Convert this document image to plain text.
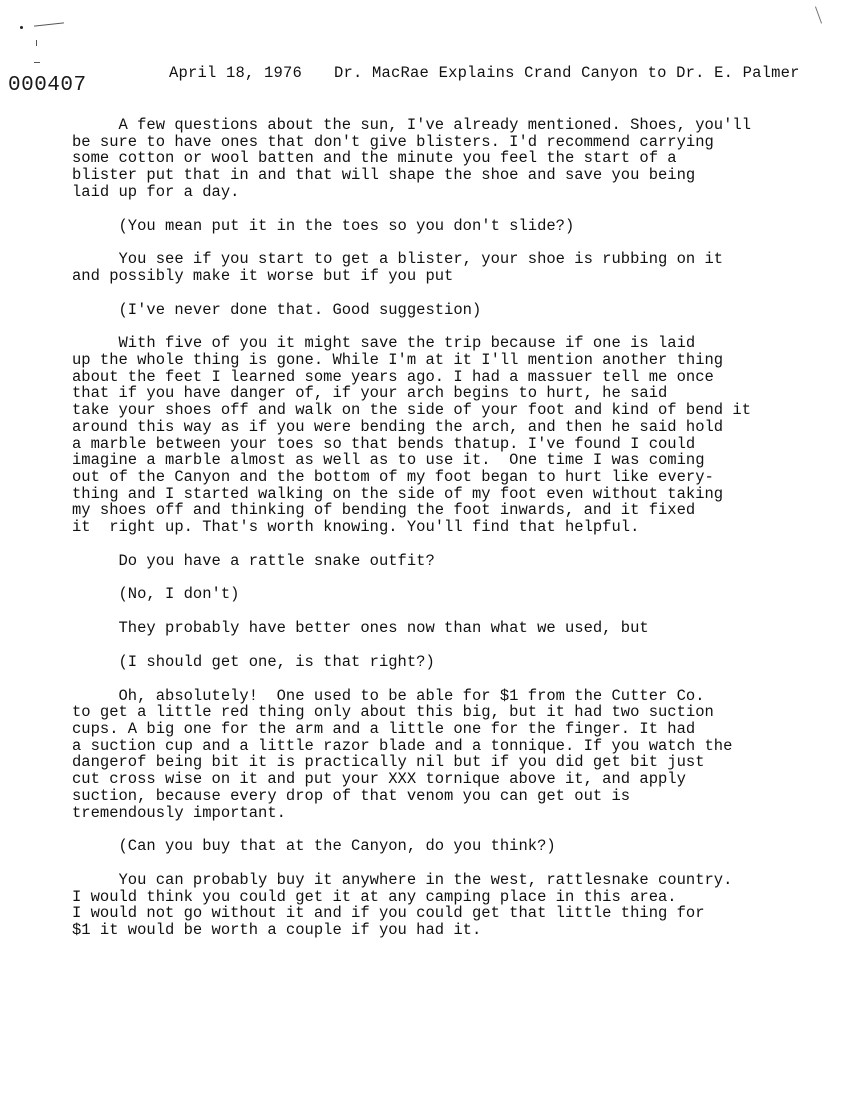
April 18, 1976 Dr. MacRae Explains Crand Canyon to Dr. E. Palmer

000407
A few questions about the sun, I've already mentioned. Shoes, you'll
be sure to have ones that don't give blisters. I'd recommend carrying
some cotton or wool batten and the minute you feel the start of a
blister put that in and that will shape the shoe and save you being
laid up for a day.
(You mean put it in the toes so you don't slide?)
You see if you start to get a blister, your shoe is rubbing on it
and possibly make it worse but if you put
(I've never done that. Good suggestion)
With five of you it might save the trip because if one is laid
up the whole thing is gone. While I'm at it I'll mention another thing
about the feet I learned some years ago. I had a massuer tell me once
that if you have danger of, if your arch begins to hurt, he said
take your shoes off and walk on the side of your foot and kind of bend it
around this way as if you were bending the arch, and then he said hold
a marble between your toes so that bends thatup. I've found I could
imagine a marble almost as well as to use it.  One time I was coming
out of the Canyon and the bottom of my foot began to hurt like every-
thing and I started walking on the side of my foot even without taking
my shoes off and thinking of bending the foot inwards, and it fixed
it  right up. That's worth knowing. You'll find that helpful.
Do you have a rattle snake outfit?
(No, I don't)
They probably have better ones now than what we used, but
(I should get one, is that right?)
Oh, absolutely!  One used to be able for $1 from the Cutter Co.
to get a little red thing only about this big, but it had two suction
cups. A big one for the arm and a little one for the finger. It had
a suction cup and a little razor blade and a tonnique. If you watch the
dangerof being bit it is practically nil but if you did get bit just
cut cross wise on it and put your XXX tornique above it, and apply
suction, because every drop of that venom you can get out is
tremendously important.
(Can you buy that at the Canyon, do you think?)
You can probably buy it anywhere in the west, rattlesnake country.
I would think you could get it at any camping place in this area.
I would not go without it and if you could get that little thing for
$1 it would be worth a couple if you had it.
